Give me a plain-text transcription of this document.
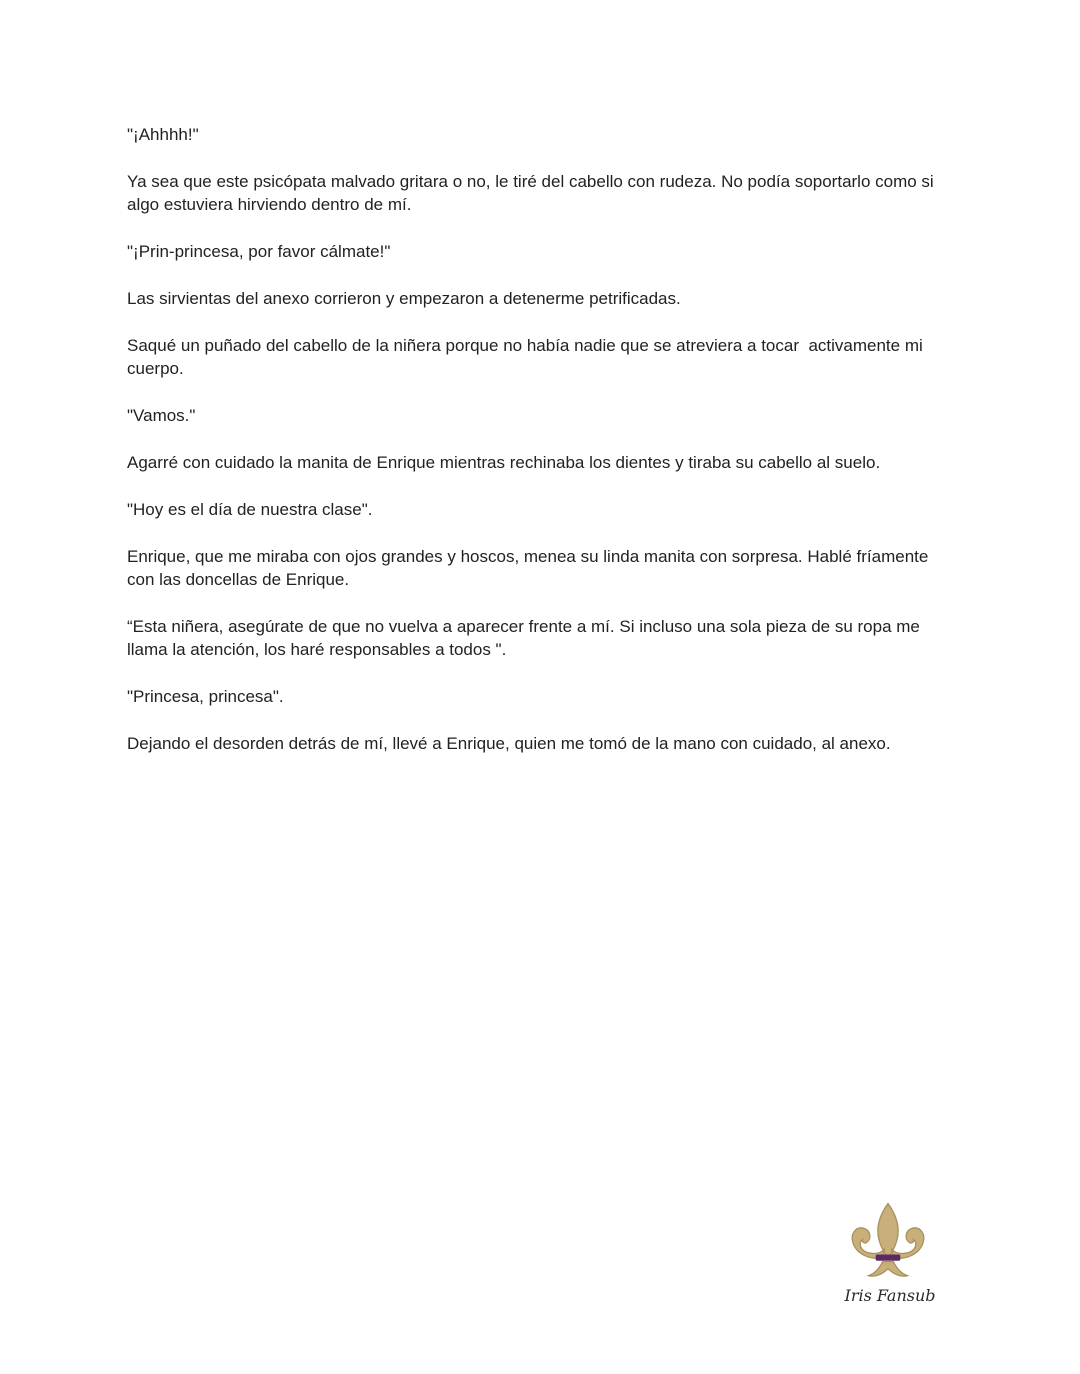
"¡Ahhhh!"

Ya sea que este psicópata malvado gritara o no, le tiré del cabello con rudeza. No podía soportarlo como si algo estuviera hirviendo dentro de mí.

"¡Prin-princesa, por favor cálmate!"

Las sirvientas del anexo corrieron y empezaron a detenerme petrificadas.

Saqué un puñado del cabello de la niñera porque no había nadie que se atreviera a tocar  activamente mi cuerpo.

"Vamos."

Agarré con cuidado la manita de Enrique mientras rechinaba los dientes y tiraba su cabello al suelo.

"Hoy es el día de nuestra clase".

Enrique, que me miraba con ojos grandes y hoscos, menea su linda manita con sorpresa. Hablé fríamente con las doncellas de Enrique.

“Esta niñera, asegúrate de que no vuelva a aparecer frente a mí. Si incluso una sola pieza de su ropa me llama la atención, los haré responsables a todos ".

"Princesa, princesa".

Dejando el desorden detrás de mí, llevé a Enrique, quien me tomó de la mano con cuidado, al anexo.

Iris Fansub
